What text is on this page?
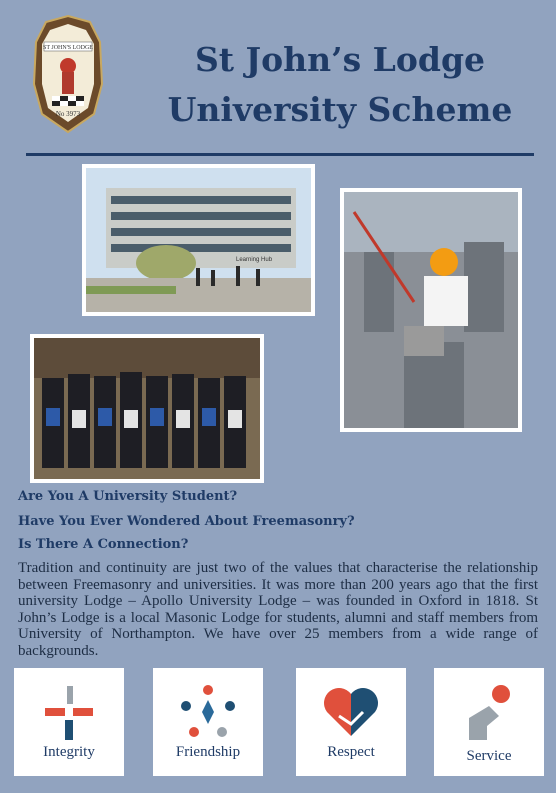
ST JOHN'S LODGE
No 3973
St John’s Lodge
University Scheme
Learning Hub

Are You A University Student?

Have You Ever Wondered About Freemasonry?

Is There A Connection?

Tradition and continuity are just two of the values that characterise the relationship between Freemasonry and universities. It was more than 200 years ago that the first university Lodge – Apollo University Lodge – was founded in Oxford in 1818. St John’s Lodge is a local Masonic Lodge for students, alumni and staff members from University of Northampton. We have over 25 members from a wide range of backgrounds.

Integrity	Friendship	Respect	Service
